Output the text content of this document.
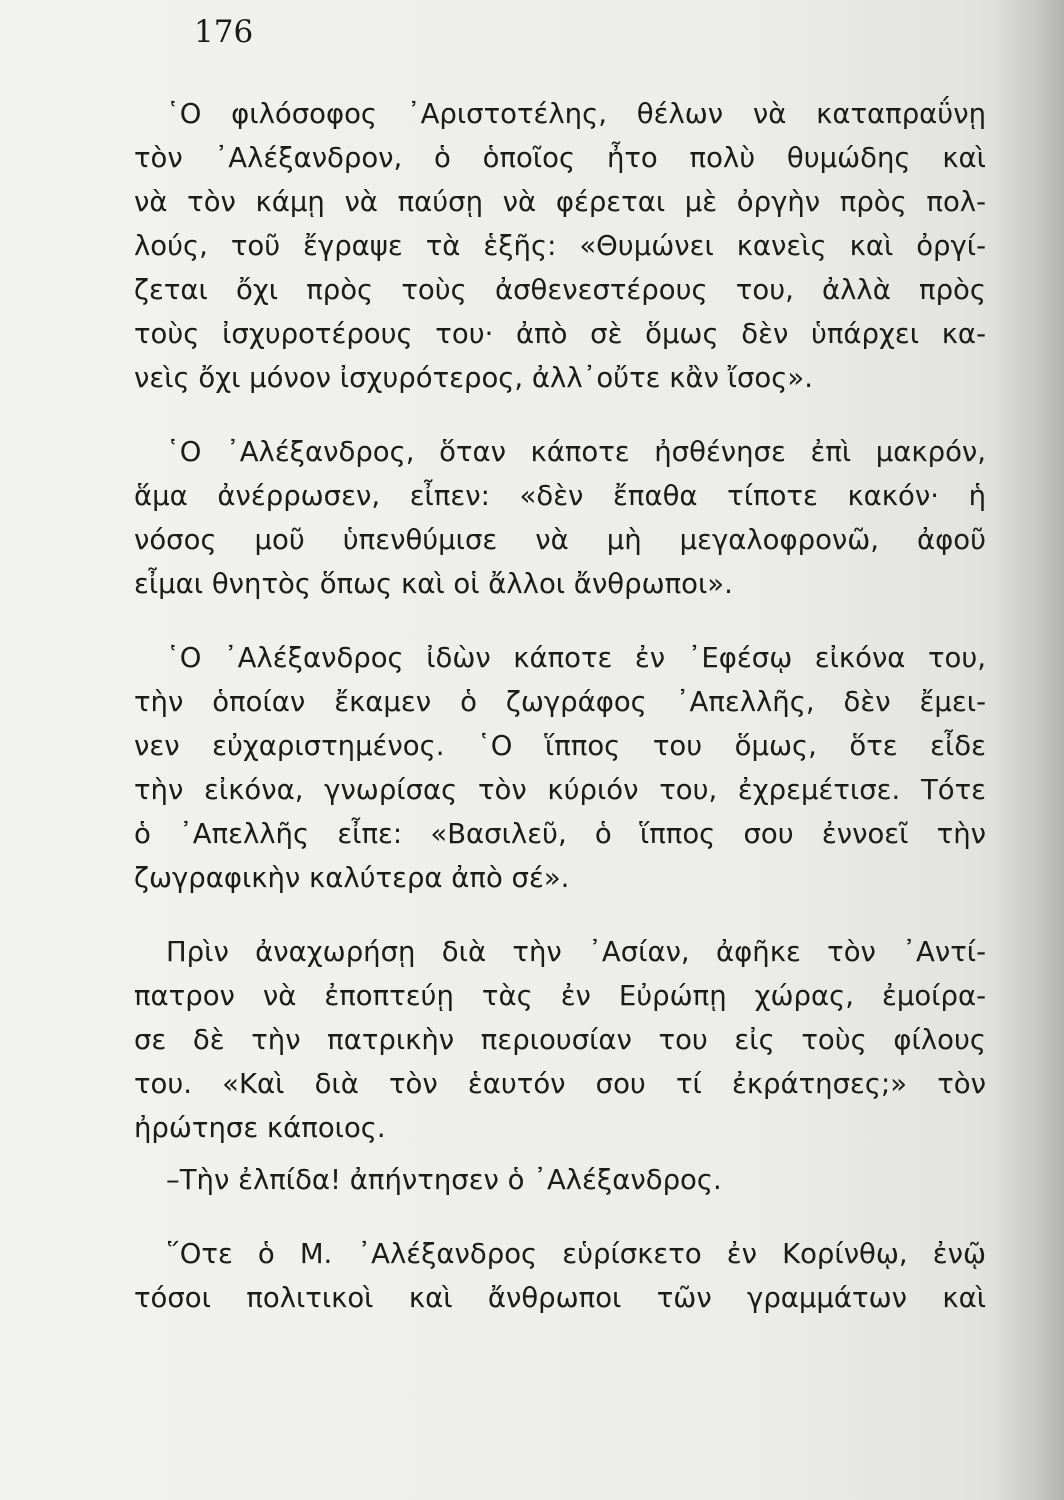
176
῾Ο φιλόσοφος ᾿Αριστοτέλης, θέλων νὰ καταπραΰνῃ
τὸν ᾿Αλέξανδρον, ὁ ὁποῖος ἦτο πολὺ θυμώδης καὶ
νὰ τὸν κάμῃ νὰ παύσῃ νὰ φέρεται μὲ ὀργὴν πρὸς πολ-
λούς, τοῦ ἔγραψε τὰ ἑξῆς: «Θυμώνει κανεὶς καὶ ὀργί-
ζεται ὄχι πρὸς τοὺς ἀσθενεστέρους του, ἀλλὰ πρὸς
τοὺς ἰσχυροτέρους του· ἀπὸ σὲ ὅμως δὲν ὑπάρχει κα-
νεὶς ὄχι μόνον ἰσχυρότερος, ἀλλ᾿οὔτε κἂν ἴσος».
῾Ο ᾿Αλέξανδρος, ὅταν κάποτε ἠσθένησε ἐπὶ μακρόν,
ἅμα ἀνέρρωσεν, εἶπεν: «δὲν ἔπαθα τίποτε κακόν· ἡ
νόσος μοῦ ὑπενθύμισε νὰ μὴ μεγαλοφρονῶ, ἀφοῦ
εἶμαι θνητὸς ὅπως καὶ οἱ ἄλλοι ἄνθρωποι».
῾Ο ᾿Αλέξανδρος ἰδὼν κάποτε ἐν ᾿Εφέσῳ εἰκόνα του,
τὴν ὁποίαν ἔκαμεν ὁ ζωγράφος ᾿Απελλῆς, δὲν ἔμει-
νεν εὐχαριστημένος. ῾Ο ἵππος του ὅμως, ὅτε εἶδε
τὴν εἰκόνα, γνωρίσας τὸν κύριόν του, ἐχρεμέτισε. Τότε
ὁ ᾿Απελλῆς εἶπε: «Βασιλεῦ, ὁ ἵππος σου ἐννοεῖ τὴν
ζωγραφικὴν καλύτερα ἀπὸ σέ».
Πρὶν ἀναχωρήσῃ διὰ τὴν ᾿Ασίαν, ἀφῆκε τὸν ᾿Αντί-
πατρον νὰ ἐποπτεύῃ τὰς ἐν Εὐρώπῃ χώρας, ἐμοίρα-
σε δὲ τὴν πατρικὴν περιουσίαν του εἰς τοὺς φίλους
του. «Καὶ διὰ τὸν ἑαυτόν σου τί ἐκράτησες;» τὸν
ἠρώτησε κάποιος.
–Τὴν ἐλπίδα! ἀπήντησεν ὁ ᾿Αλέξανδρος.
῞Οτε ὁ Μ. ᾿Αλέξανδρος εὑρίσκετο ἐν Κορίνθῳ, ἐνῷ
τόσοι πολιτικοὶ καὶ ἄνθρωποι τῶν γραμμάτων καὶ
